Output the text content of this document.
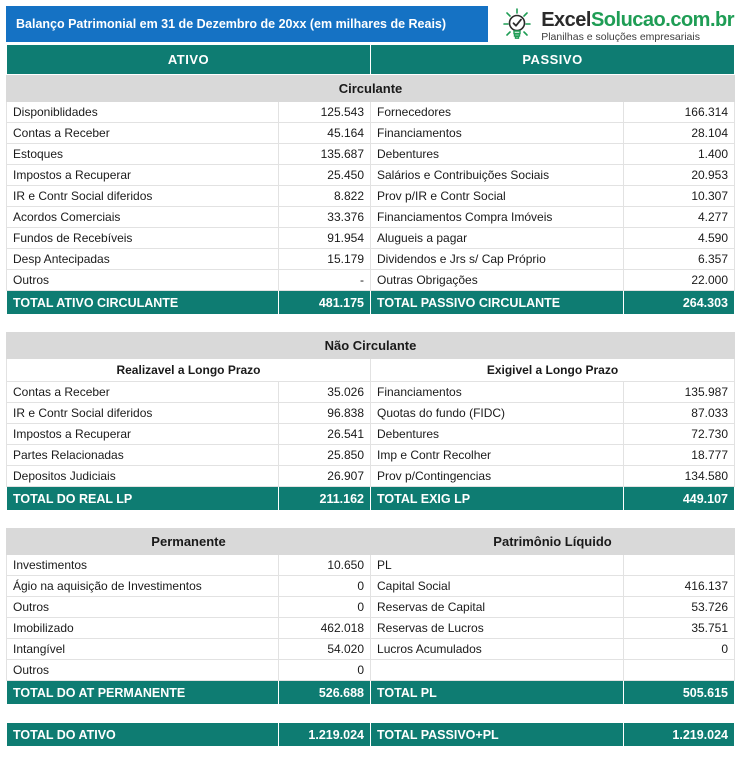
Balanço Patrimonial em 31 de Dezembro de 20xx (em milhares de Reais)	ExcelSolucao.com.br
Planilhas e soluções empresariais
ATIVO	PASSIVO
Circulante			
Disponiblidades	125.543	Fornecedores	166.314
Contas a Receber	45.164	Financiamentos	28.104
Estoques	135.687	Debentures	1.400
Impostos a Recuperar	25.450	Salários e Contribuições Sociais	20.953
IR e Contr Social diferidos	8.822	Prov p/IR e Contr Social	10.307
Acordos Comerciais	33.376	Financiamentos Compra Imóveis	4.277
Fundos de Recebíveis	91.954	Alugueis a pagar	4.590
Desp Antecipadas	15.179	Dividendos e Jrs s/ Cap Próprio	6.357
Outros	-	Outras Obrigações	22.000
TOTAL ATIVO CIRCULANTE	481.175	TOTAL PASSIVO CIRCULANTE	264.303
Não Circulante			
Realizavel a Longo Prazo		Exigivel a Longo Prazo	
Contas a Receber	35.026	Financiamentos	135.987
IR e Contr Social diferidos	96.838	Quotas do fundo (FIDC)	87.033
Impostos a Recuperar	26.541	Debentures	72.730
Partes Relacionadas	25.850	Imp e Contr Recolher	18.777
Depositos Judiciais	26.907	Prov p/Contingencias	134.580
TOTAL DO REAL LP	211.162	TOTAL EXIG LP	449.107
Permanente		Patrimônio Líquido	
Investimentos	10.650	PL	
Ágio na aquisição de Investimentos	0	Capital Social	416.137
Outros	0	Reservas de Capital	53.726
Imobilizado	462.018	Reservas de Lucros	35.751
Intangível	54.020	Lucros Acumulados	0
Outros	0		
TOTAL DO AT PERMANENTE	526.688	TOTAL PL	505.615
TOTAL DO ATIVO	1.219.024	TOTAL PASSIVO+PL	1.219.024
